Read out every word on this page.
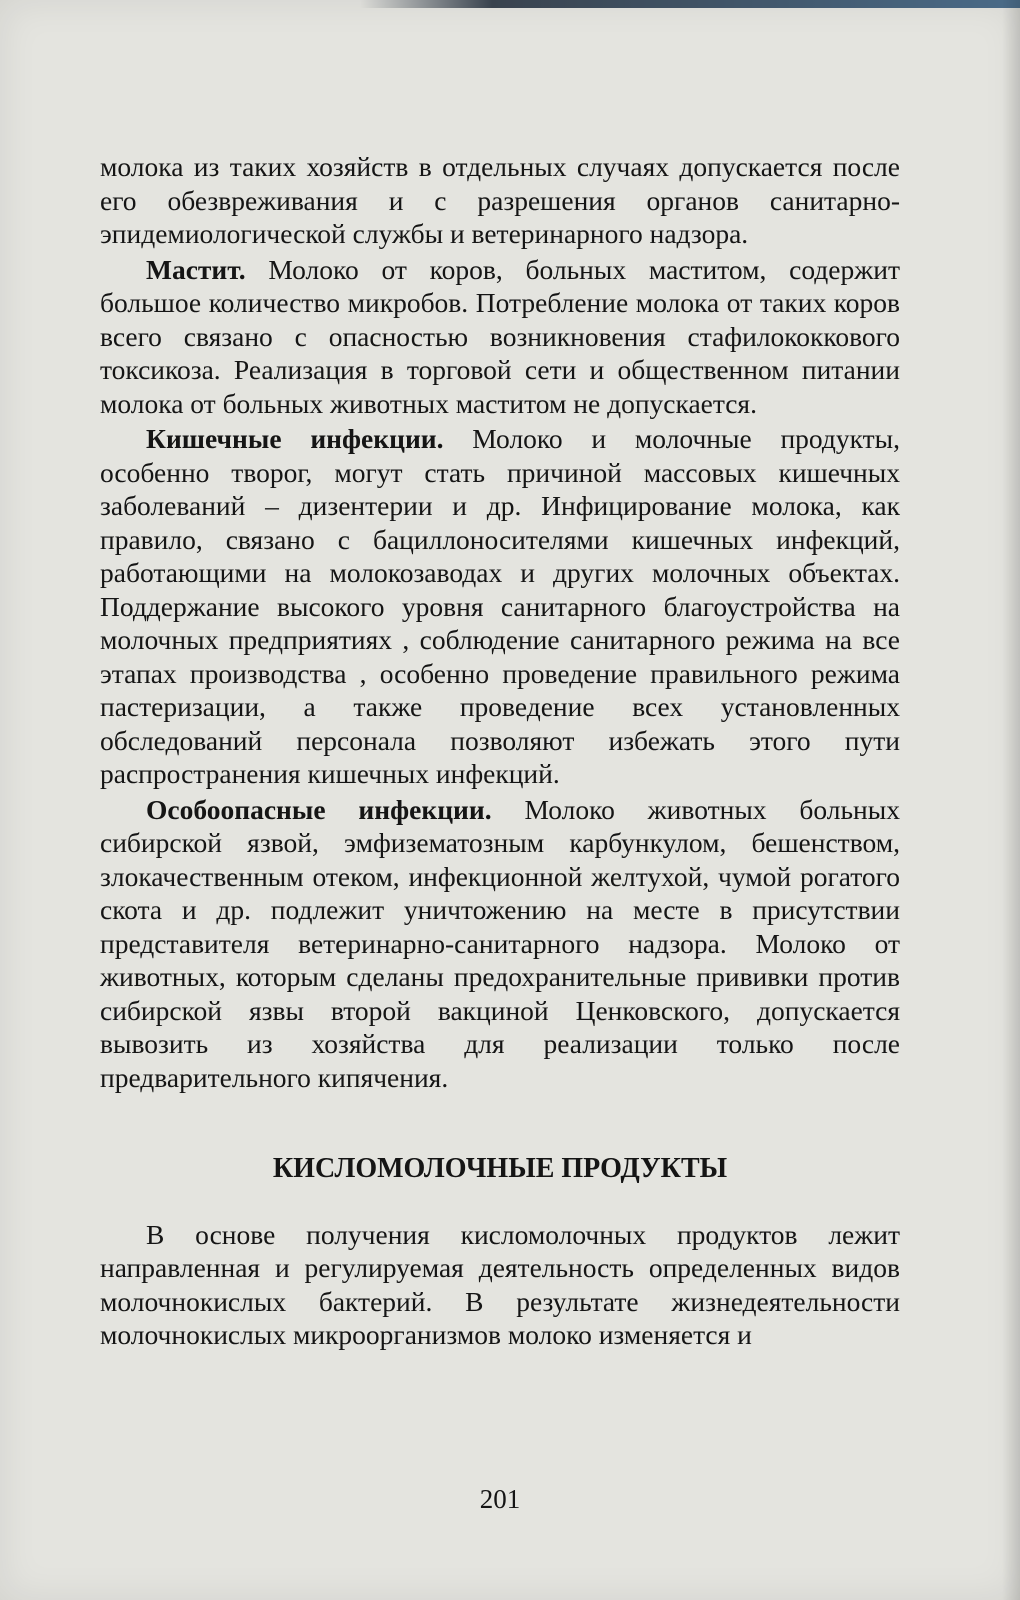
молока из таких хозяйств в отдельных случаях допускается после его обезвреживания и с разрешения органов санитарно-эпидемиологической службы и ветеринарного надзора.

Мастит. Молоко от коров, больных маститом, содержит большое количество микробов. Потребление молока от таких коров всего связано с опасностью возникновения стафилококкового токсикоза. Реализация в торговой сети и общественном питании молока от больных животных маститом не допускается.

Кишечные инфекции. Молоко и молочные продукты, особенно творог, могут стать причиной массовых кишечных заболеваний – дизентерии и др. Инфицирование молока, как правило, связано с бациллоносителями кишечных инфекций, работающими на молокозаводах и других молочных объектах. Поддержание высокого уровня санитарного благоустройства на молочных предприятиях , соблюдение санитарного режима на все этапах производства , особенно проведение правильного режима пастеризации, а также проведение всех установленных обследований персонала позволяют избежать этого пути распространения кишечных инфекций.

Особоопасные инфекции. Молоко животных больных сибирской язвой, эмфизематозным карбункулом, бешенством, злокачественным отеком, инфекционной желтухой, чумой рогатого скота и др. подлежит уничтожению на месте в присутствии представителя ветеринарно-санитарного надзора. Молоко от животных, которым сделаны предохранительные прививки против сибирской язвы второй вакциной Ценковского, допускается вывозить из хозяйства для реализации только после предварительного кипячения.

КИСЛОМОЛОЧНЫЕ ПРОДУКТЫ

В основе получения кисломолочных продуктов лежит направленная и регулируемая деятельность определенных видов молочнокислых бактерий. В результате жизнедеятельности молочнокислых микроорганизмов молоко изменяется и

201
